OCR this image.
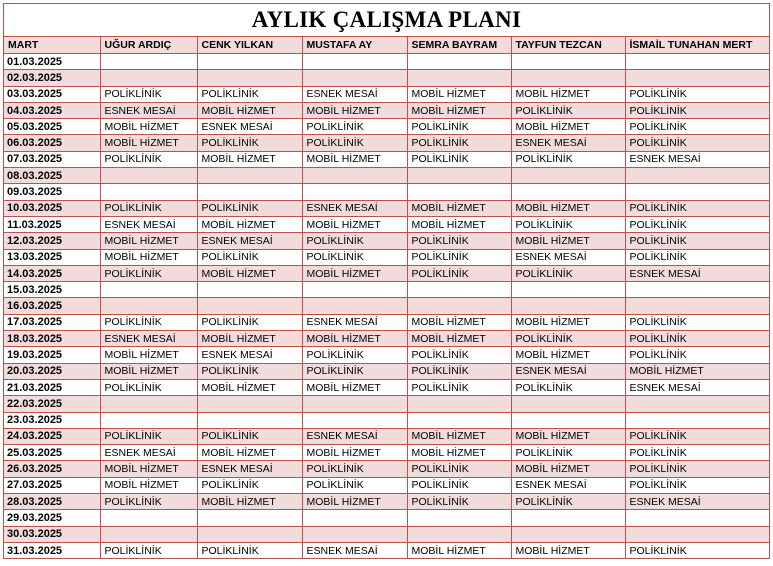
AYLIK ÇALIŞMA PLANI
MART	UĞUR ARDIÇ	CENK YILKAN	MUSTAFA AY	SEMRA BAYRAM	TAYFUN TEZCAN	İSMAİL TUNAHAN MERT
01.03.2025						
02.03.2025						
03.03.2025	POLİKLİNİK	POLİKLİNİK	ESNEK MESAİ	MOBİL HİZMET	MOBİL HİZMET	POLİKLİNİK
04.03.2025	ESNEK MESAİ	MOBİL HİZMET	MOBİL HİZMET	MOBİL HİZMET	POLİKLİNİK	POLİKLİNİK
05.03.2025	MOBİL HİZMET	ESNEK MESAİ	POLİKLİNİK	POLİKLİNİK	MOBİL HİZMET	POLİKLİNİK
06.03.2025	MOBİL HİZMET	POLİKLİNİK	POLİKLİNİK	POLİKLİNİK	ESNEK MESAİ	POLİKLİNİK
07.03.2025	POLİKLİNİK	MOBİL HİZMET	MOBİL HİZMET	POLİKLİNİK	POLİKLİNİK	ESNEK MESAİ
08.03.2025						
09.03.2025						
10.03.2025	POLİKLİNİK	POLİKLİNİK	ESNEK MESAİ	MOBİL HİZMET	MOBİL HİZMET	POLİKLİNİK
11.03.2025	ESNEK MESAİ	MOBİL HİZMET	MOBİL HİZMET	MOBİL HİZMET	POLİKLİNİK	POLİKLİNİK
12.03.2025	MOBİL HİZMET	ESNEK MESAİ	POLİKLİNİK	POLİKLİNİK	MOBİL HİZMET	POLİKLİNİK
13.03.2025	MOBİL HİZMET	POLİKLİNİK	POLİKLİNİK	POLİKLİNİK	ESNEK MESAİ	POLİKLİNİK
14.03.2025	POLİKLİNİK	MOBİL HİZMET	MOBİL HİZMET	POLİKLİNİK	POLİKLİNİK	ESNEK MESAİ
15.03.2025						
16.03.2025						
17.03.2025	POLİKLİNİK	POLİKLİNİK	ESNEK MESAİ	MOBİL HİZMET	MOBİL HİZMET	POLİKLİNİK
18.03.2025	ESNEK MESAİ	MOBİL HİZMET	MOBİL HİZMET	MOBİL HİZMET	POLİKLİNİK	POLİKLİNİK
19.03.2025	MOBİL HİZMET	ESNEK MESAİ	POLİKLİNİK	POLİKLİNİK	MOBİL HİZMET	POLİKLİNİK
20.03.2025	MOBİL HİZMET	POLİKLİNİK	POLİKLİNİK	POLİKLİNİK	ESNEK MESAİ	MOBİL HİZMET
21.03.2025	POLİKLİNİK	MOBİL HİZMET	MOBİL HİZMET	POLİKLİNİK	POLİKLİNİK	ESNEK MESAİ
22.03.2025						
23.03.2025						
24.03.2025	POLİKLİNİK	POLİKLİNİK	ESNEK MESAİ	MOBİL HİZMET	MOBİL HİZMET	POLİKLİNİK
25.03.2025	ESNEK MESAİ	MOBİL HİZMET	MOBİL HİZMET	MOBİL HİZMET	POLİKLİNİK	POLİKLİNİK
26.03.2025	MOBİL HİZMET	ESNEK MESAİ	POLİKLİNİK	POLİKLİNİK	MOBİL HİZMET	POLİKLİNİK
27.03.2025	MOBİL HİZMET	POLİKLİNİK	POLİKLİNİK	POLİKLİNİK	ESNEK MESAİ	POLİKLİNİK
28.03.2025	POLİKLİNİK	MOBİL HİZMET	MOBİL HİZMET	POLİKLİNİK	POLİKLİNİK	ESNEK MESAİ
29.03.2025						
30.03.2025						
31.03.2025	POLİKLİNİK	POLİKLİNİK	ESNEK MESAİ	MOBİL HİZMET	MOBİL HİZMET	POLİKLİNİK
